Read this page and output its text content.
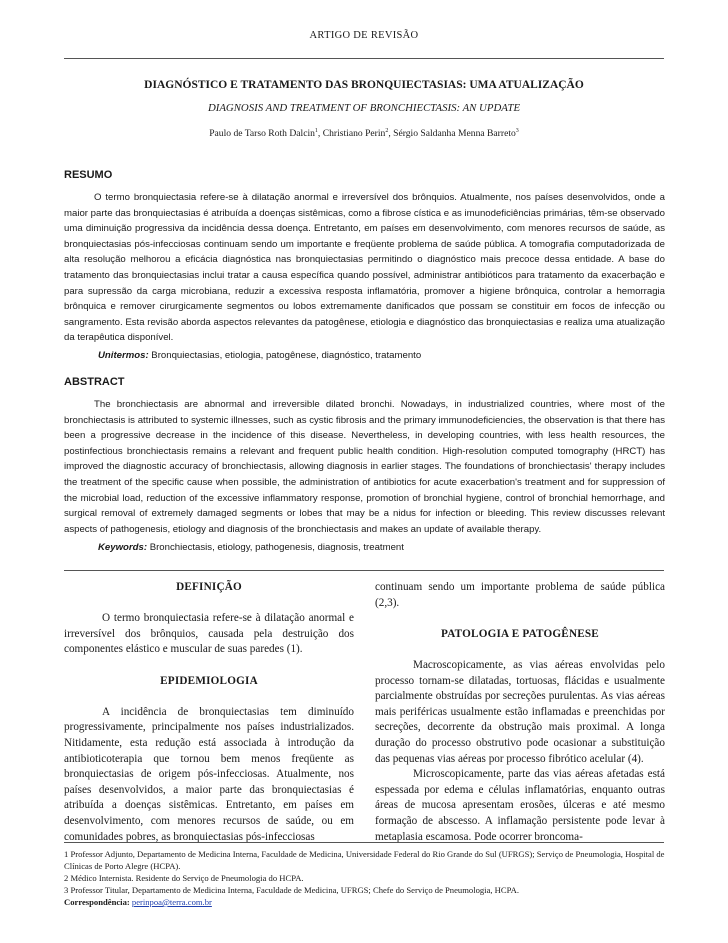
ARTIGO DE REVISÃO
DIAGNÓSTICO E TRATAMENTO DAS BRONQUIECTASIAS: UMA ATUALIZAÇÃO
DIAGNOSIS AND TREATMENT OF BRONCHIECTASIS: AN UPDATE
Paulo de Tarso Roth Dalcin$^1$, Christiano Perin$^2$, Sérgio Saldanha Menna Barreto$^3$
RESUMO

O termo bronquiectasia refere-se à dilatação anormal e irreversível dos brônquios. Atualmente, nos países desenvolvidos, onde a maior parte das bronquiectasias é atribuída a doenças sistêmicas, como a fibrose cística e as imunodeficiências primárias, têm-se observado uma diminuição progressiva da incidência dessa doença. Entretanto, em países em desenvolvimento, com menores recursos de saúde, as bronquiectasias pós-infecciosas continuam sendo um importante e freqüente problema de saúde pública. A tomografia computadorizada de alta resolução melhorou a eficácia diagnóstica nas bronquiectasias permitindo o diagnóstico mais precoce dessa entidade. A base do tratamento das bronquiectasias inclui tratar a causa específica quando possível, administrar antibióticos para tratamento da exacerbação e para supressão da carga microbiana, reduzir a excessiva resposta inflamatória, promover a higiene brônquica, controlar a hemorragia brônquica e remover cirurgicamente segmentos ou lobos extremamente danificados que possam se constituir em focos de infecção ou sangramento. Esta revisão aborda aspectos relevantes da patogênese, etiologia e diagnóstico das bronquiectasias e realiza uma atualização da terapêutica disponível.

Unitermos: Bronquiectasias, etiologia, patogênese, diagnóstico, tratamento
ABSTRACT

The bronchiectasis are abnormal and irreversible dilated bronchi. Nowadays, in industrialized countries, where most of the bronchiectasis is attributed to systemic illnesses, such as cystic fibrosis and the primary immunodeficiencies, the observation is that there has been a progressive decrease in the incidence of this disease. Nevertheless, in developing countries, with less health resources, the postinfectious bronchiectasis remains a relevant and frequent public health condition. High-resolution computed tomography (HRCT) has improved the diagnostic accuracy of bronchiectasis, allowing diagnosis in earlier stages. The foundations of bronchiectasis' therapy includes the treatment of the specific cause when possible, the administration of antibiotics for acute exacerbation's treatment and for suppression of the microbial load, reduction of the excessive inflammatory response, promotion of bronchial hygiene, control of bronchial hemorrhage, and surgical removal of extremely damaged segments or lobes that may be a nidus for infection or bleeding. This review discusses relevant aspects of pathogenesis, etiology and diagnosis of the bronchiectasis and makes an update of available therapy.

Keywords: Bronchiectasis, etiology, pathogenesis, diagnosis, treatment
DEFINIÇÃO

O termo bronquiectasia refere-se à dilatação anormal e irreversível dos brônquios, causada pela destruição dos componentes elástico e muscular de suas paredes (1).

EPIDEMIOLOGIA

A incidência de bronquiectasias tem diminuído progressivamente, principalmente nos países industrializados. Nitidamente, esta redução está associada à introdução da antibioticoterapia que tornou bem menos freqüente as bronquiectasias de origem pós-infecciosas. Atualmente, nos países desenvolvidos, a maior parte das bronquiectasias é atribuída a doenças sistêmicas. Entretanto, em países em desenvolvimento, com menores recursos de saúde, ou em comunidades pobres, as bronquiectasias pós-infecciosas

continuam sendo um importante problema de saúde pública (2,3).

PATOLOGIA E PATOGÊNESE

Macroscopicamente, as vias aéreas envolvidas pelo processo tornam-se dilatadas, tortuosas, flácidas e usualmente parcialmente obstruídas por secreções purulentas. As vias aéreas mais periféricas usualmente estão inflamadas e preenchidas por secreções, decorrente da obstrução mais proximal. A longa duração do processo obstrutivo pode ocasionar a substituição das pequenas vias aéreas por processo fibrótico acelular (4).

Microscopicamente, parte das vias aéreas afetadas está espessada por edema e células inflamatórias, enquanto outras áreas de mucosa apresentam erosões, úlceras e até mesmo formação de abscesso. A inflamação persistente pode levar à metaplasia escamosa. Pode ocorrer broncoma-

1 Professor Adjunto, Departamento de Medicina Interna, Faculdade de Medicina, Universidade Federal do Rio Grande do Sul (UFRGS); Serviço de Pneumologia, Hospital de Clínicas de Porto Alegre (HCPA).
2 Médico Internista. Residente do Serviço de Pneumologia do HCPA.
3 Professor Titular, Departamento de Medicina Interna, Faculdade de Medicina, UFRGS; Chefe do Serviço de Pneumologia, HCPA.
Correspondência: perinpoa@terra.com.br
